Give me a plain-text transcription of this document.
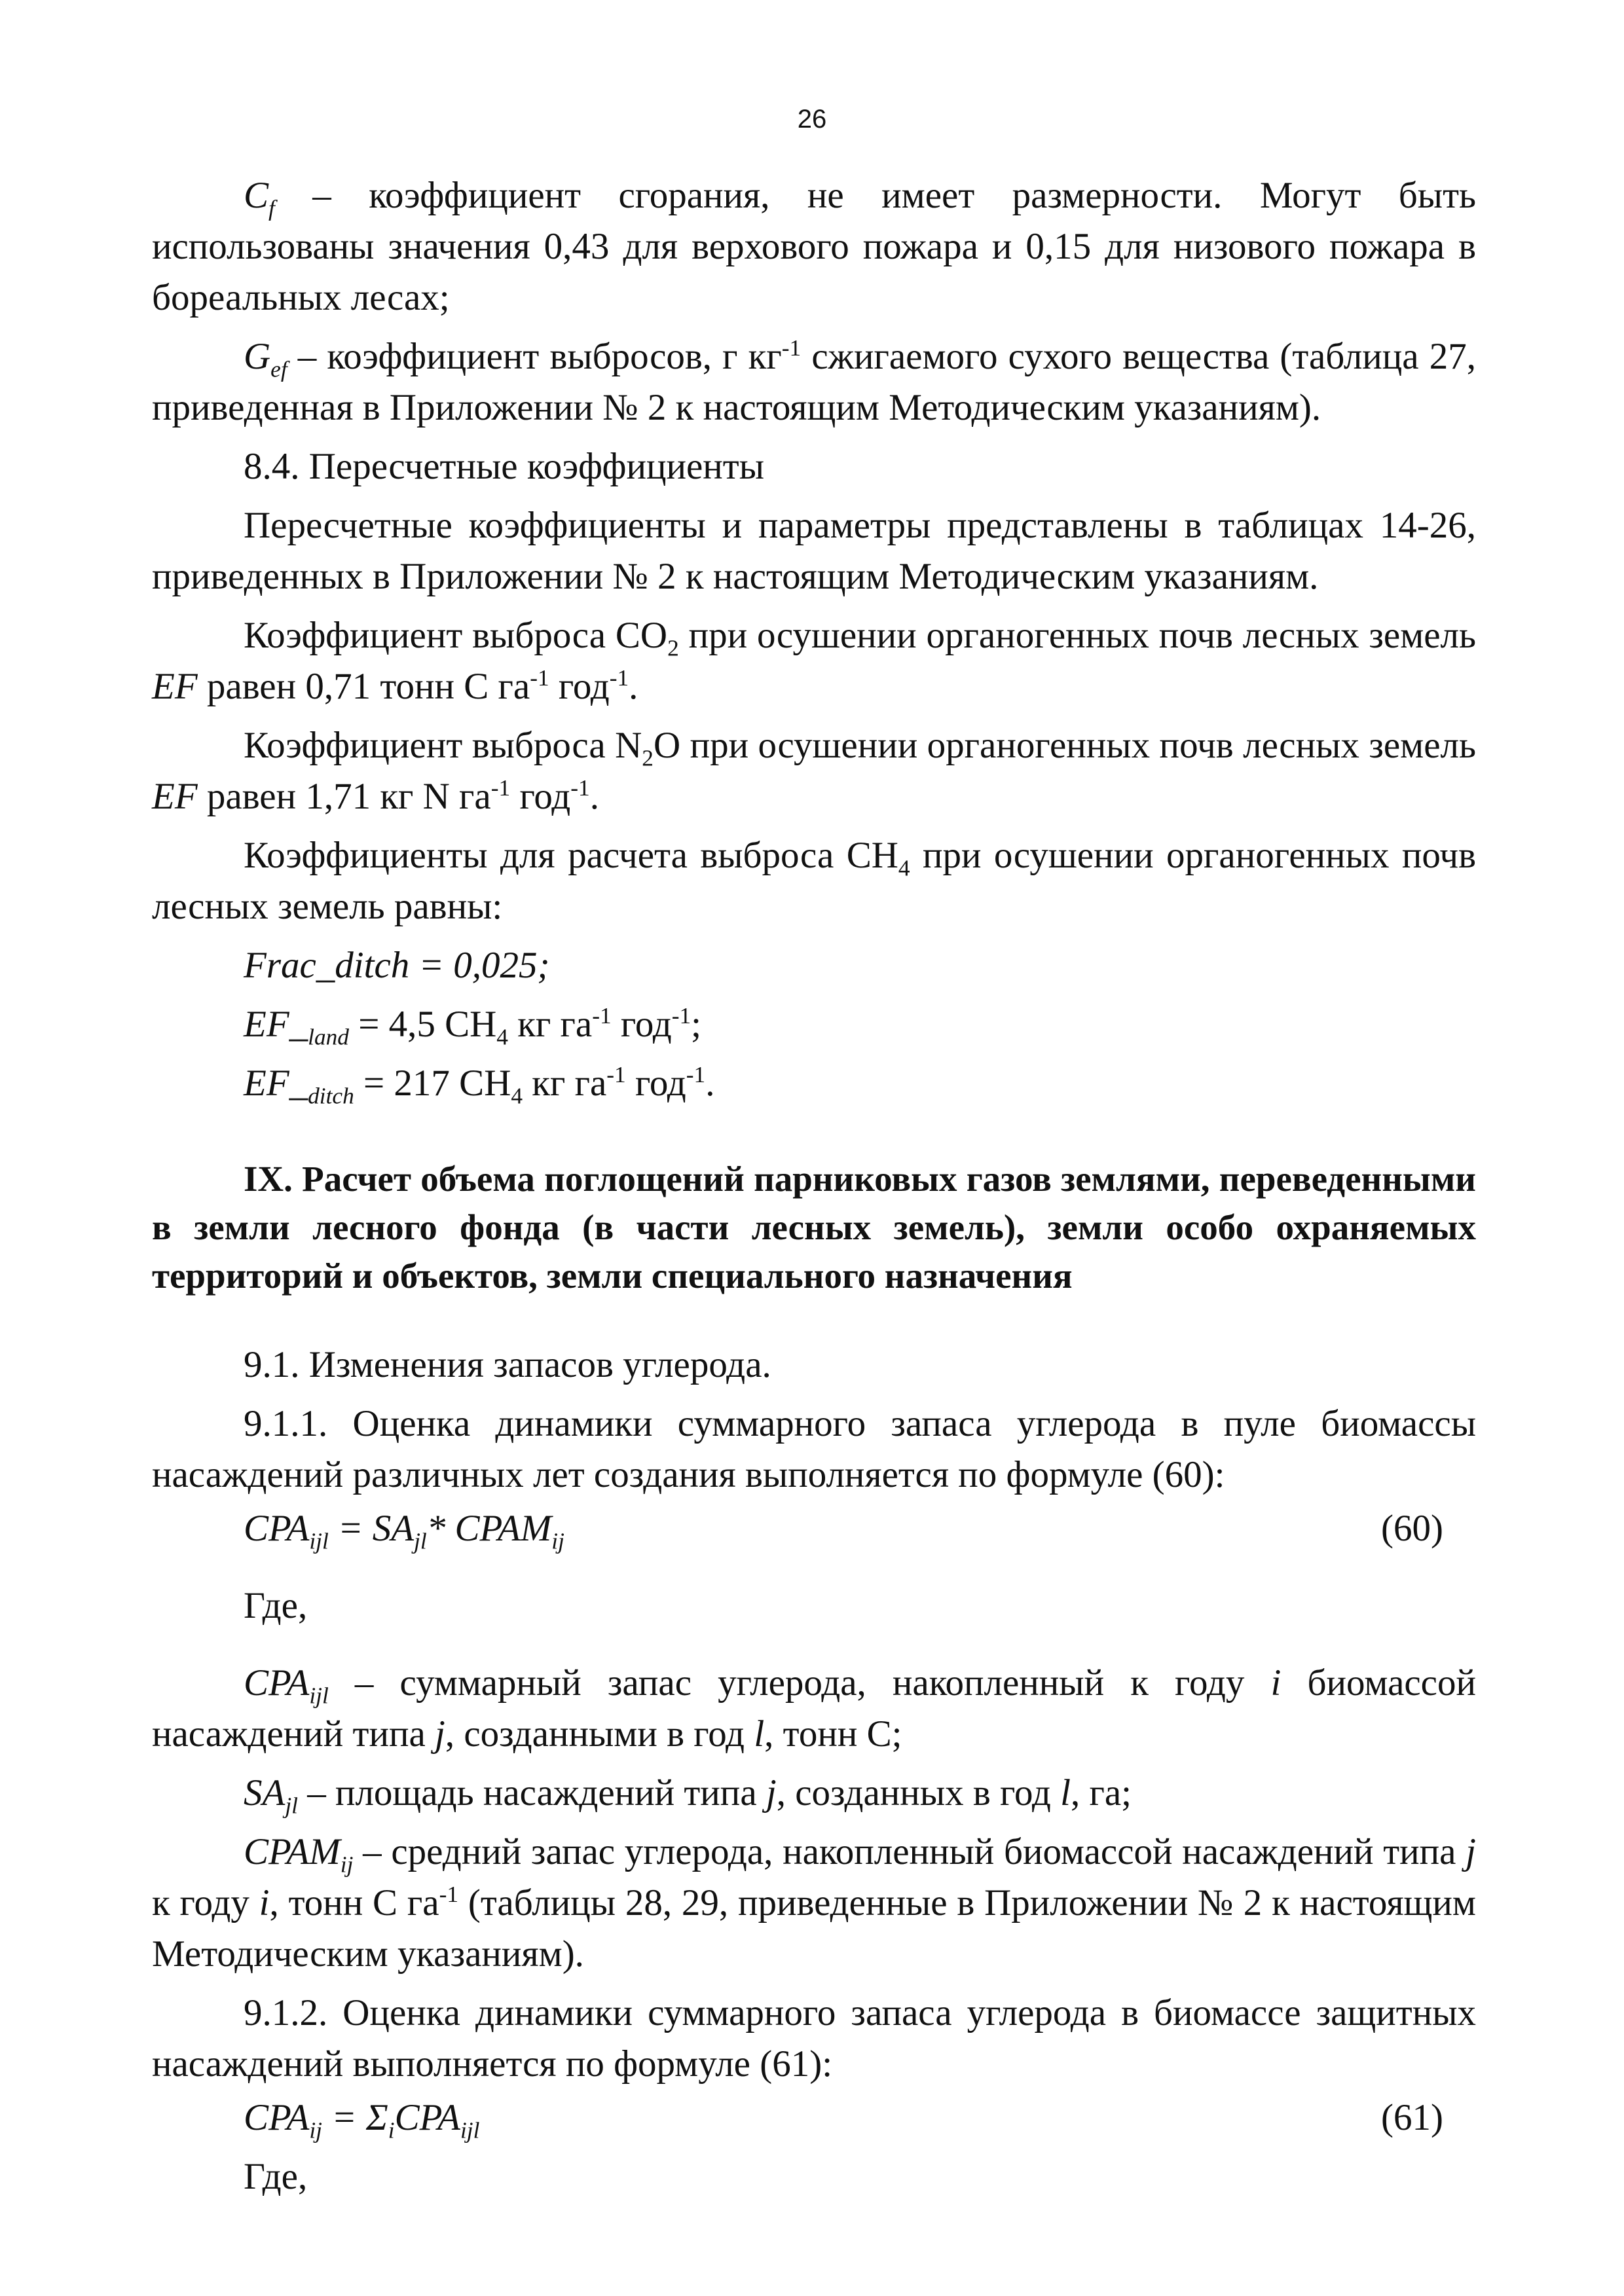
26

$C_f$ – коэффициент сгорания, не имеет размерности. Могут быть использованы значения 0,43 для верхового пожара и 0,15 для низового пожара в бореальных лесах;

$G_{ef}$ – коэффициент выбросов, г $кг^{-1}$ сжигаемого сухого вещества (таблица 27, приведенная в Приложении № 2 к настоящим Методическим указаниям).

8.4. Пересчетные коэффициенты

Пересчетные коэффициенты и параметры представлены в таблицах 14-26, приведенных в Приложении № 2 к настоящим Методическим указаниям.

Коэффициент выброса $CO_2$ при осушении органогенных почв лесных земель EF равен 0,71 тонн C $га^{-1}$ год$^{-1}$.

Коэффициент выброса $N_2O$ при осушении органогенных почв лесных земель EF равен 1,71 кг N $га^{-1}$ год$^{-1}$.

Коэффициенты для расчета выброса $CH_4$ при осушении органогенных почв лесных земель равны:

Frac_ditch = 0,025;

$EF\__{land} = 4,5$ $CH_4$ кг $га^{-1}$ год$^{-1}$;

$EF\__{ditch} = 217$ $CH_4$ кг $га^{-1}$ год$^{-1}$.

IX. Расчет объема поглощений парниковых газов землями, переведенными в земли лесного фонда (в части лесных земель), земли особо охраняемых территорий и объектов, земли специального назначения

9.1. Изменения запасов углерода.

9.1.1. Оценка динамики суммарного запаса углерода в пуле биомассы насаждений различных лет создания выполняется по формуле (60):

$CPA_{ijl} = SA_{jl}*$ $CPAM_{ij}$	(60)

Где,

$CPA_{ijl}$ – суммарный запас углерода, накопленный к году i биомассой насаждений типа j, созданными в год l, тонн C;

$SA_{jl}$ – площадь насаждений типа j, созданных в год l, га;

$CPAM_{ij}$ – средний запас углерода, накопленный биомассой насаждений типа j к году i, тонн C $га^{-1}$ (таблицы 28, 29, приведенные в Приложении № 2 к настоящим Методическим указаниям).

9.1.2. Оценка динамики суммарного запаса углерода в биомассе защитных насаждений выполняется по формуле (61):

$CPA_{ij} = \Sigma_iCPA_{ijl}$	(61)

Где,
